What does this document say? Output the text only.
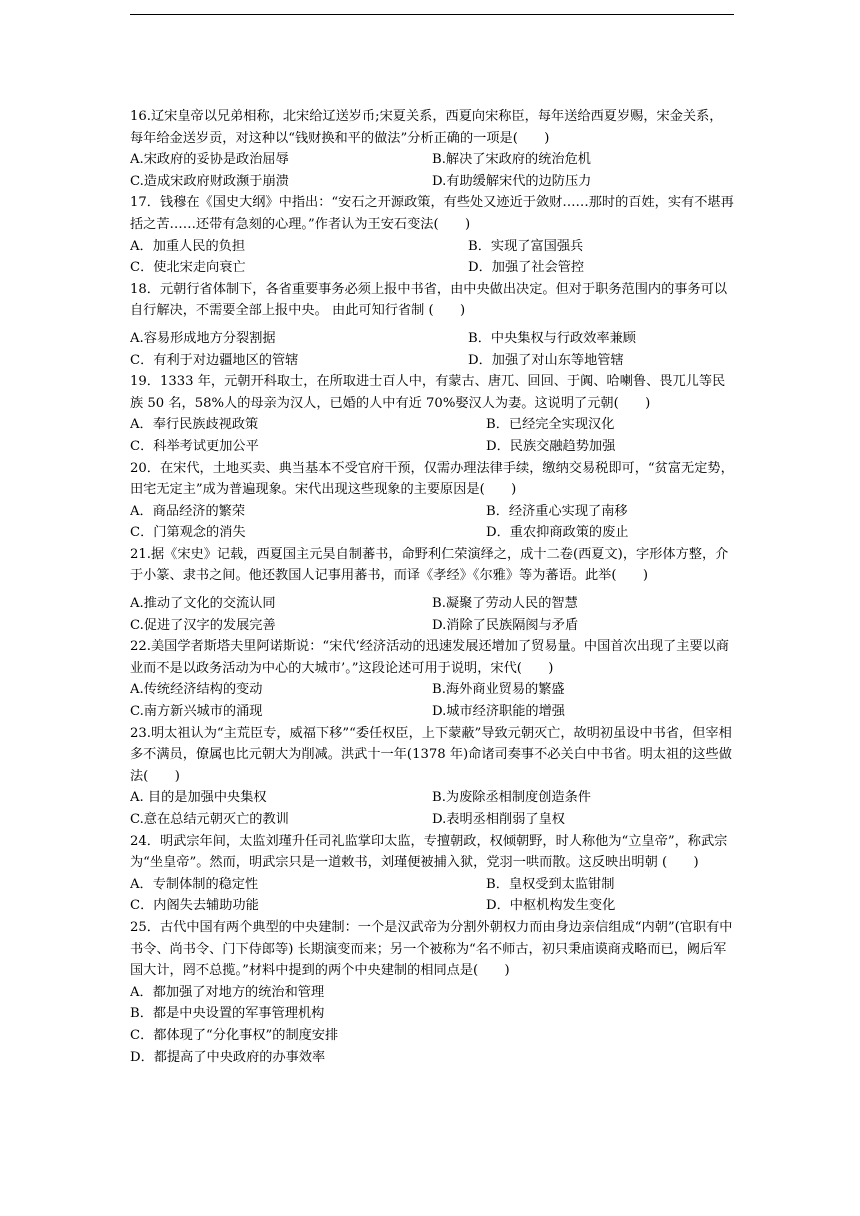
16.辽宋皇帝以兄弟相称，北宋给辽送岁币;宋夏关系，西夏向宋称臣，每年送给西夏岁赐，宋金关系，每年给金送岁贡，对这种以“钱财换和平的做法”分析正确的一项是(　　)

A.宋政府的妥协是政治屈辱	B.解决了宋政府的统治危机
C.造成宋政府财政濒于崩溃	D.有助缓解宋代的边防压力

17．钱穆在《国史大纲》中指出：“安石之开源政策，有些处又迹近于敛财……那时的百姓，实有不堪再括之苦……还带有急刻的心理。”作者认为王安石变法(　　)

A．加重人民的负担	B．实现了富国强兵
C．使北宋走向衰亡	D．加强了社会管控

18．元朝行省体制下，各省重要事务必须上报中书省，由中央做出决定。但对于职务范围内的事务可以自行解决，不需要全部上报中央。 由此可知行省制 (　　)

A.容易形成地方分裂割据	B．中央集权与行政效率兼顾
C．有利于对边疆地区的管辖	D．加强了对山东等地管辖

19．1333 年，元朝开科取士，在所取进士百人中，有蒙古、唐兀、回回、于阗、哈喇鲁、畏兀儿等民族 50 名，58%人的母亲为汉人，已婚的人中有近 70%娶汉人为妻。这说明了元朝(　　)

A．奉行民族歧视政策	B．已经完全实现汉化
C．科举考试更加公平	D．民族交融趋势加强

20．在宋代，土地买卖、典当基本不受官府干预，仅需办理法律手续，缴纳交易税即可，“贫富无定势，田宅无定主”成为普遍现象。宋代出现这些现象的主要原因是(　　)

A．商品经济的繁荣	B．经济重心实现了南移
C．门第观念的消失	D．重农抑商政策的废止

21.据《宋史》记载，西夏国主元昊自制蕃书，命野利仁荣演绎之，成十二卷(西夏文)，字形体方整，介于小篆、隶书之间。他还教国人记事用蕃书，而译《孝经》《尔雅》等为蕃语。此举(　　)

A.推动了文化的交流认同	B.凝聚了劳动人民的智慧
C.促进了汉字的发展完善	D.消除了民族隔阂与矛盾

22.美国学者斯塔夫里阿诺斯说：“宋代‘经济活动的迅速发展还增加了贸易量。中国首次出现了主要以商业而不是以政务活动为中心的大城市’。”这段论述可用于说明，宋代(　　)

A.传统经济结构的变动	B.海外商业贸易的繁盛
C.南方新兴城市的涌现	D.城市经济职能的增强

23.明太祖认为“主荒臣专，威福下移”“委任权臣，上下蒙蔽”导致元朝灭亡，故明初虽设中书省，但宰相多不满员，僚属也比元朝大为削减。洪武十一年(1378 年)命诸司奏事不必关白中书省。明太祖的这些做法(　　)

A. 目的是加强中央集权	B.为废除丞相制度创造条件
C.意在总结元朝灭亡的教训	D.表明丞相削弱了皇权

24．明武宗年间，太监刘瑾升任司礼监掌印太监，专擅朝政，权倾朝野，时人称他为“立皇帝”，称武宗为“坐皇帝”。然而，明武宗只是一道敕书，刘瑾便被捕入狱，党羽一哄而散。这反映出明朝 (　　)

A．专制体制的稳定性	B．皇权受到太监钳制
C．内阁失去辅助功能	D．中枢机构发生变化

25．古代中国有两个典型的中央建制：一个是汉武帝为分割外朝权力而由身边亲信组成“内朝”(官职有中书令、尚书令、门下侍郎等) 长期演变而来；另一个被称为“名不师古，初只秉庙谟商戎略而已，阙后军国大计，罔不总揽。”材料中提到的两个中央建制的相同点是(　　)

A．都加强了对地方的统治和管理
B．都是中央设置的军事管理机构
C．都体现了“分化事权”的制度安排
D．都提高了中央政府的办事效率
